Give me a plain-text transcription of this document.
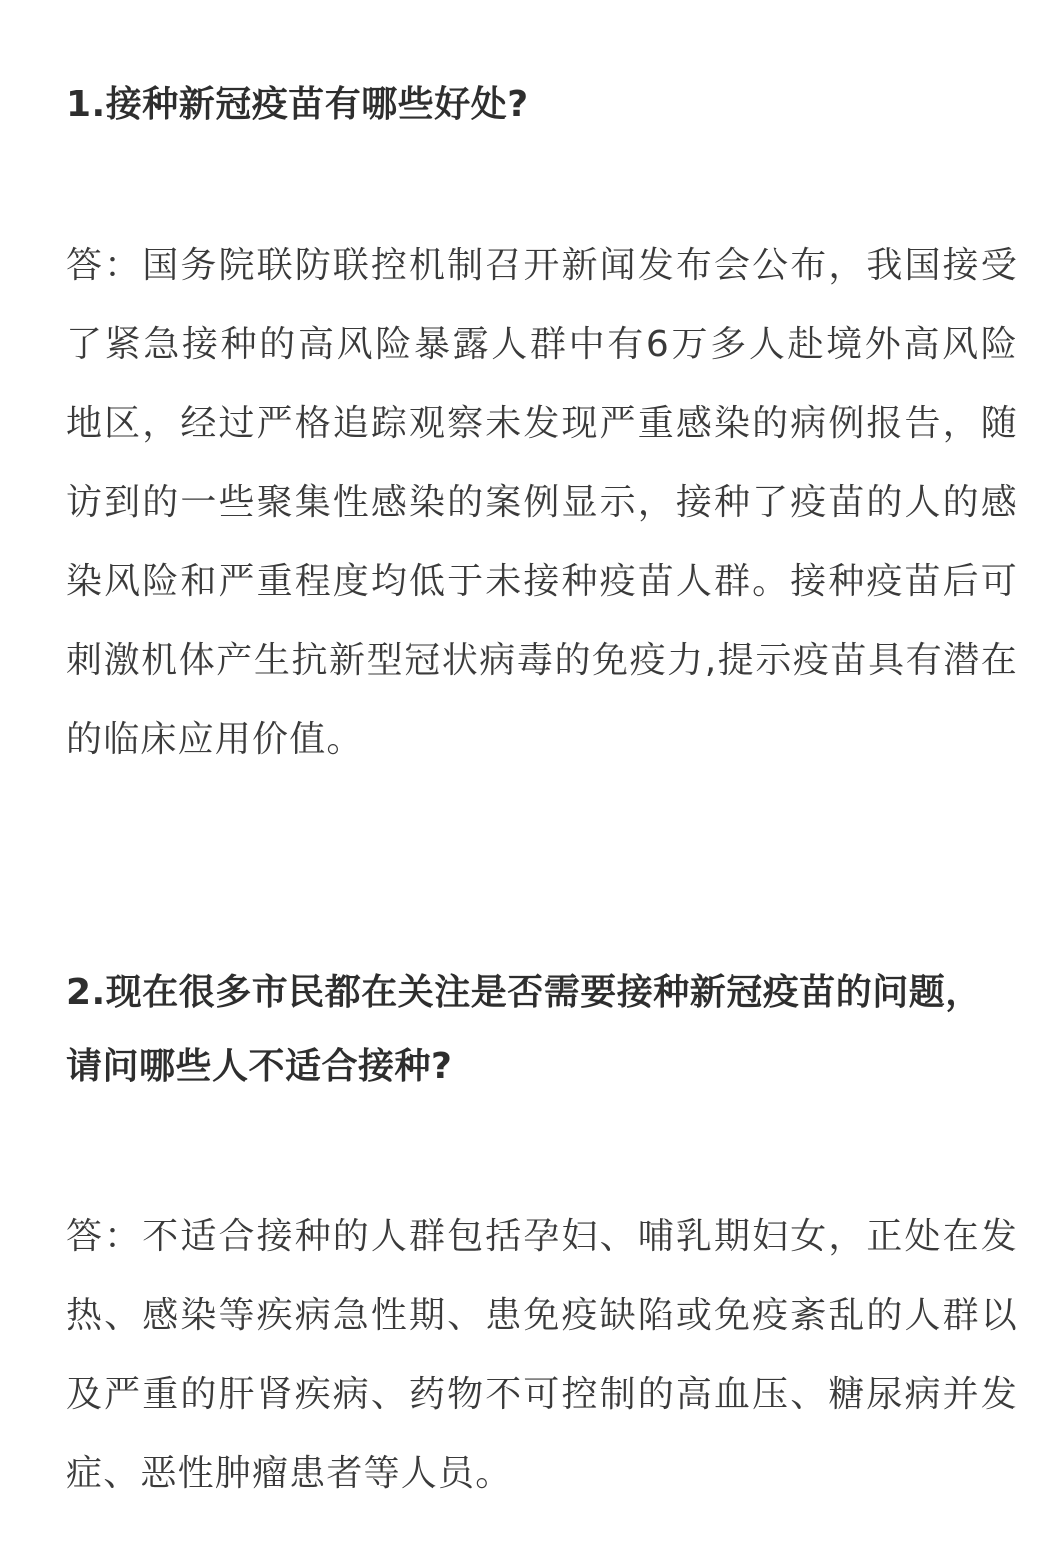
1.接种新冠疫苗有哪些好处?

答：国务院联防联控机制召开新闻发布会公布，我国接受了紧急接种的高风险暴露人群中有6万多人赴境外高风险地区，经过严格追踪观察未发现严重感染的病例报告，随访到的一些聚集性感染的案例显示，接种了疫苗的人的感染风险和严重程度均低于未接种疫苗人群。接种疫苗后可刺激机体产生抗新型冠状病毒的免疫力,提示疫苗具有潜在的临床应用价值。

2.现在很多市民都在关注是否需要接种新冠疫苗的问题，请问哪些人不适合接种?

答：不适合接种的人群包括孕妇、哺乳期妇女，正处在发热、感染等疾病急性期、患免疫缺陷或免疫紊乱的人群以及严重的肝肾疾病、药物不可控制的高血压、糖尿病并发症、恶性肿瘤患者等人员。
